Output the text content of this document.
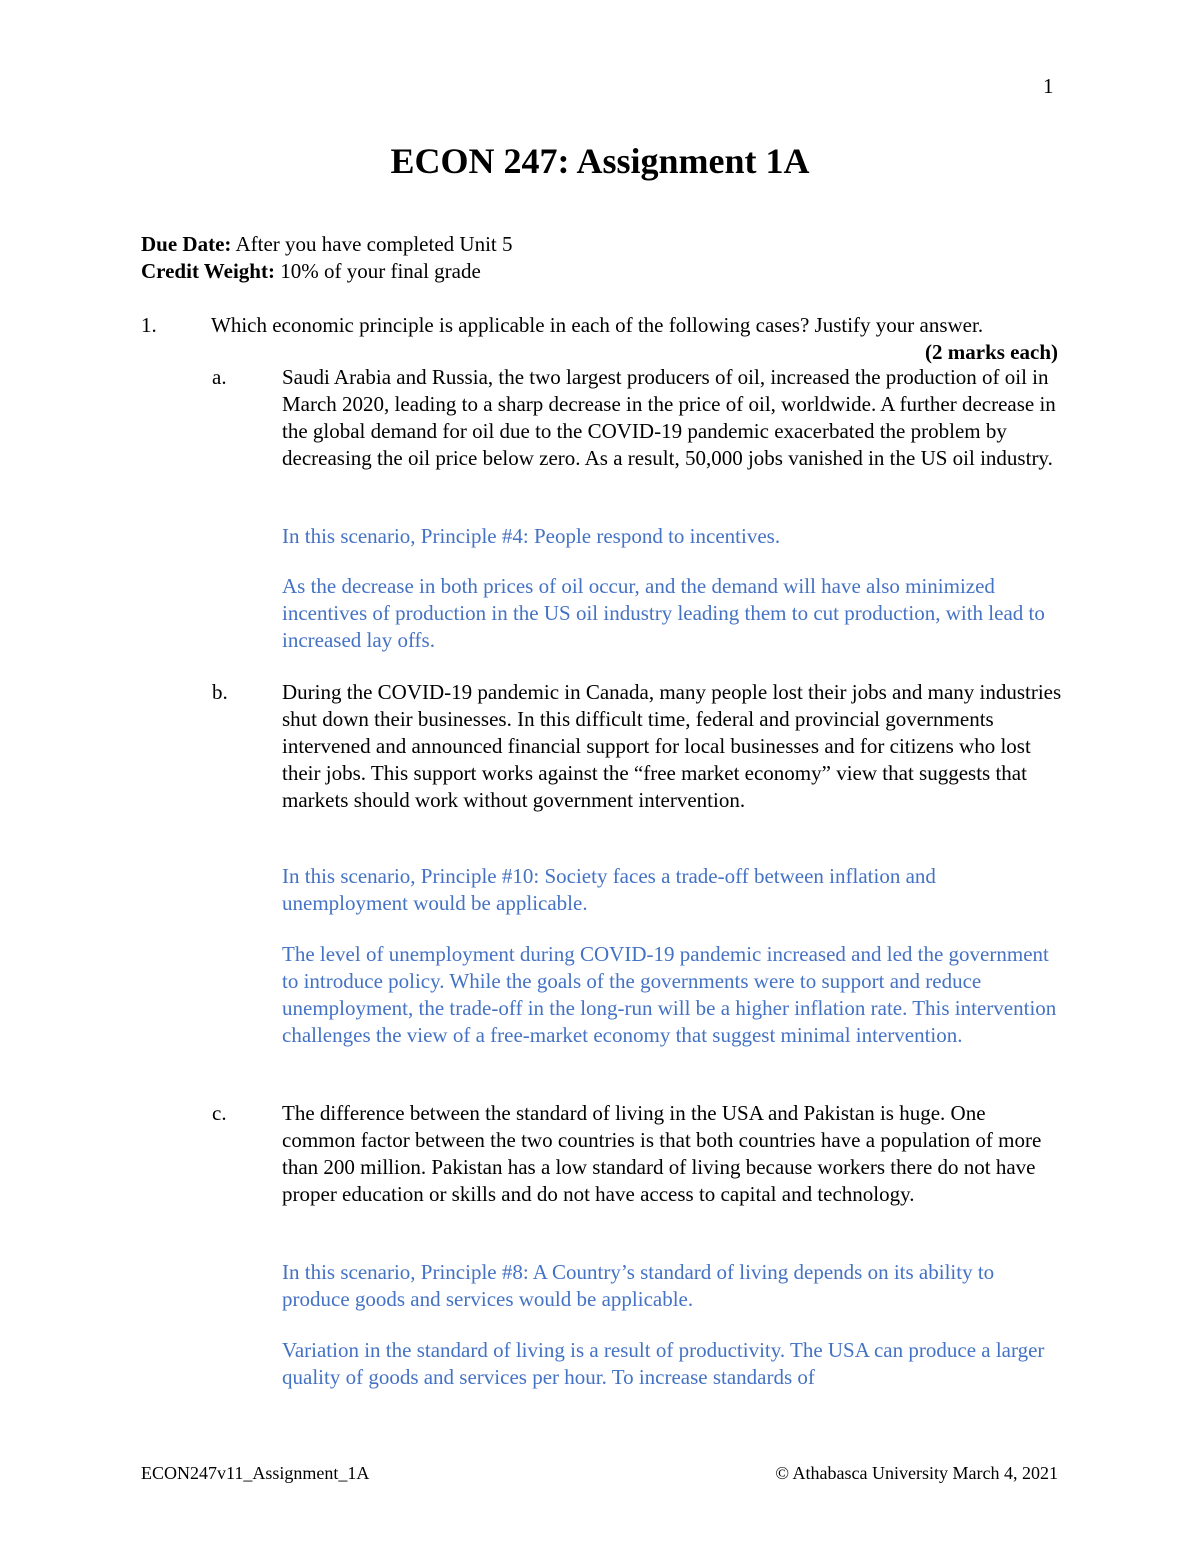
1
ECON 247: Assignment 1A
Due Date: After you have completed Unit 5
Credit Weight: 10% of your final grade
1.	Which economic principle is applicable in each of the following cases? Justify your answer.
(2 marks each)
a.	Saudi Arabia and Russia, the two largest producers of oil, increased the production of oil in March 2020, leading to a sharp decrease in the price of oil, worldwide. A further decrease in the global demand for oil due to the COVID-19 pandemic exacerbated the problem by decreasing the oil price below zero. As a result, 50,000 jobs vanished in the US oil industry.

In this scenario, Principle #4: People respond to incentives.

As the decrease in both prices of oil occur, and the demand will have also minimized incentives of production in the US oil industry leading them to cut production, with lead to increased lay offs.

b.	During the COVID-19 pandemic in Canada, many people lost their jobs and many industries shut down their businesses. In this difficult time, federal and provincial governments intervened and announced financial support for local businesses and for citizens who lost their jobs. This support works against the “free market economy” view that suggests that markets should work without government intervention.

In this scenario, Principle #10: Society faces a trade-off between inflation and unemployment would be applicable.

The level of unemployment during COVID-19 pandemic increased and led the government to introduce policy. While the goals of the governments were to support and reduce unemployment, the trade-off in the long-run will be a higher inflation rate. This intervention challenges the view of a free-market economy that suggest minimal intervention.

c.	The difference between the standard of living in the USA and Pakistan is huge. One common factor between the two countries is that both countries have a population of more than 200 million. Pakistan has a low standard of living because workers there do not have proper education or skills and do not have access to capital and technology.

In this scenario, Principle #8: A Country’s standard of living depends on its ability to produce goods and services would be applicable.

Variation in the standard of living is a result of productivity. The USA can produce a larger quality of goods and services per hour. To increase standards of

ECON247v11_Assignment_1A	© Athabasca University March 4, 2021
